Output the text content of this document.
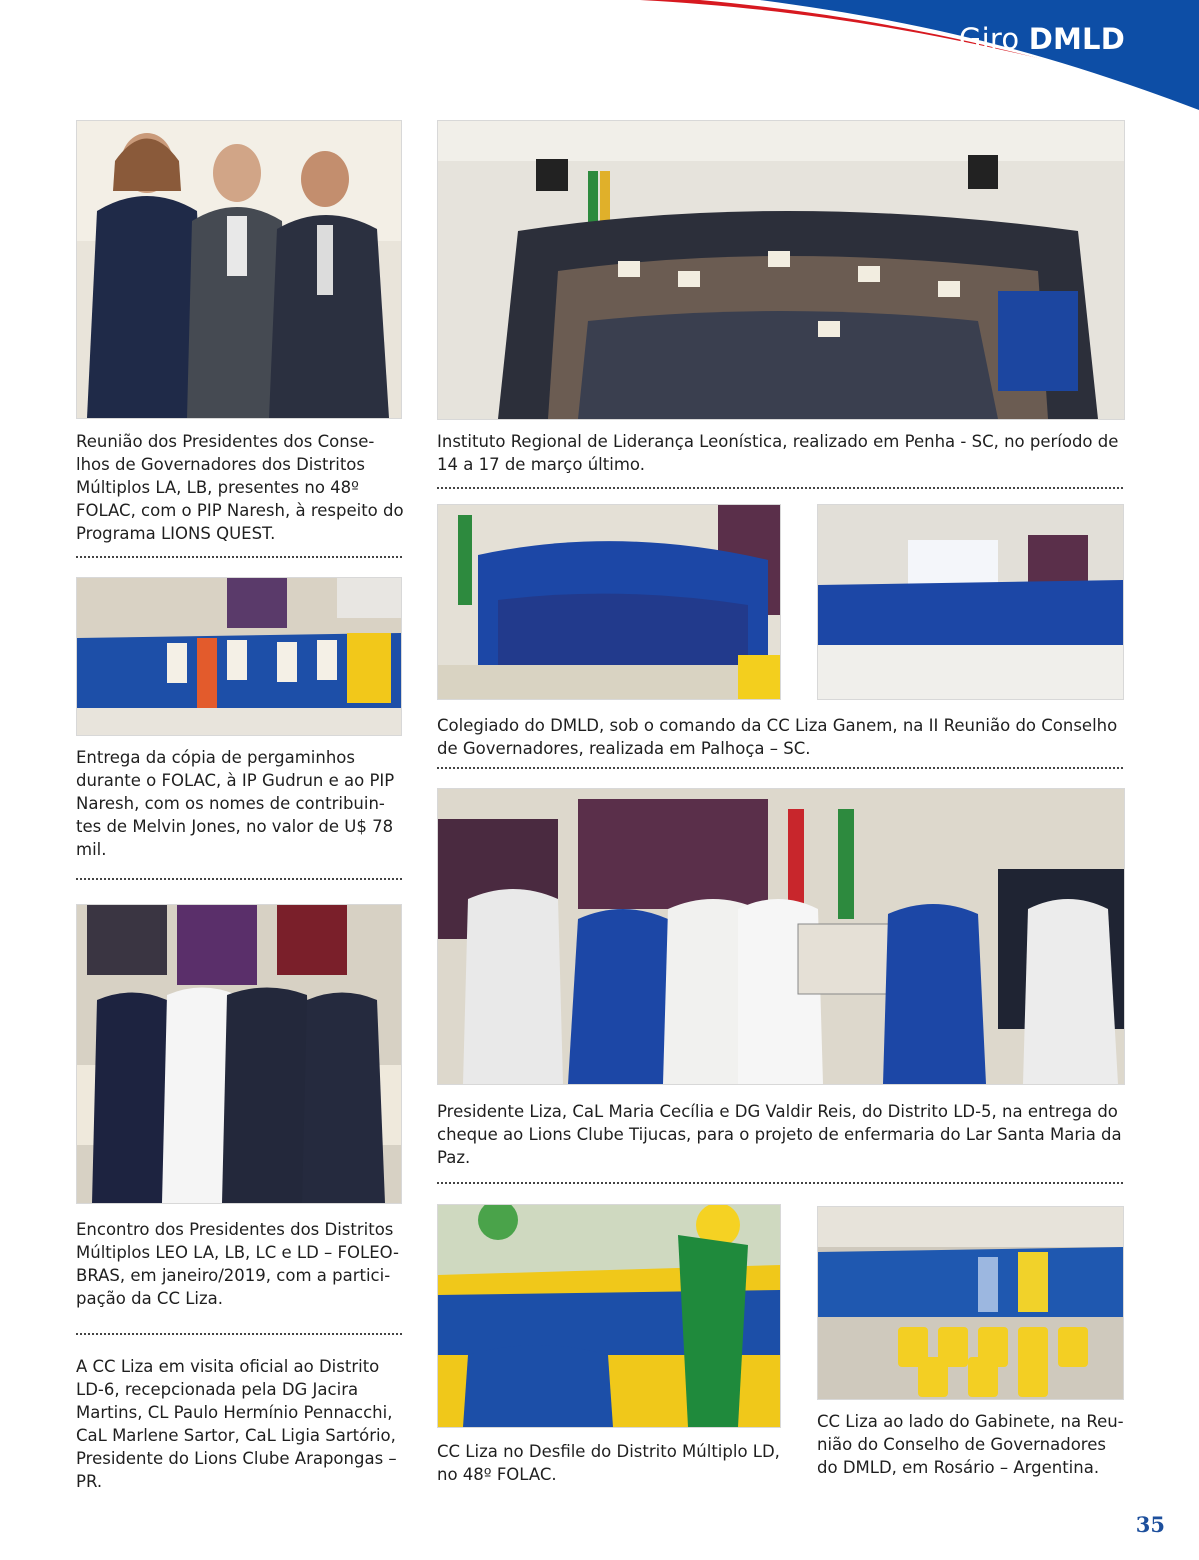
Giro DMLD

Reunião dos Presidentes dos Conse-lhos de Governadores dos Distritos Múltiplos LA, LB, presentes no 48º FOLAC, com o PIP Naresh, à respeito do Programa LIONS QUEST.

Instituto Regional de Liderança Leonística, realizado em Penha - SC, no período de 14 a 17 de março último.

Entrega da cópia de pergaminhos durante o FOLAC, à IP Gudrun e ao PIP Naresh, com os nomes de contribuin-tes de Melvin Jones, no valor de U$ 78 mil.

Colegiado do DMLD, sob o comando da CC Liza Ganem, na II Reunião do Conselho de Governadores, realizada em Palhoça – SC.

Presidente Liza, CaL Maria Cecília e DG Valdir Reis, do Distrito LD-5, na entrega do cheque ao Lions Clube Tijucas, para o projeto de enfermaria do Lar Santa Maria da Paz.

Encontro dos Presidentes dos Distritos Múltiplos LEO LA, LB, LC e LD – FOLEO-BRAS, em janeiro/2019, com a partici-pação da CC Liza.

A CC Liza em visita oficial ao Distrito LD-6, recepcionada pela DG Jacira Martins, CL Paulo Hermínio Pennacchi, CaL Marlene Sartor, CaL Ligia Sartório, Presidente do Lions Clube Arapongas – PR.

CC Liza no Desfile do Distrito Múltiplo LD, no 48º FOLAC.

CC Liza ao lado do Gabinete, na Reu-nião do Conselho de Governadores do DMLD, em Rosário – Argentina.

35
